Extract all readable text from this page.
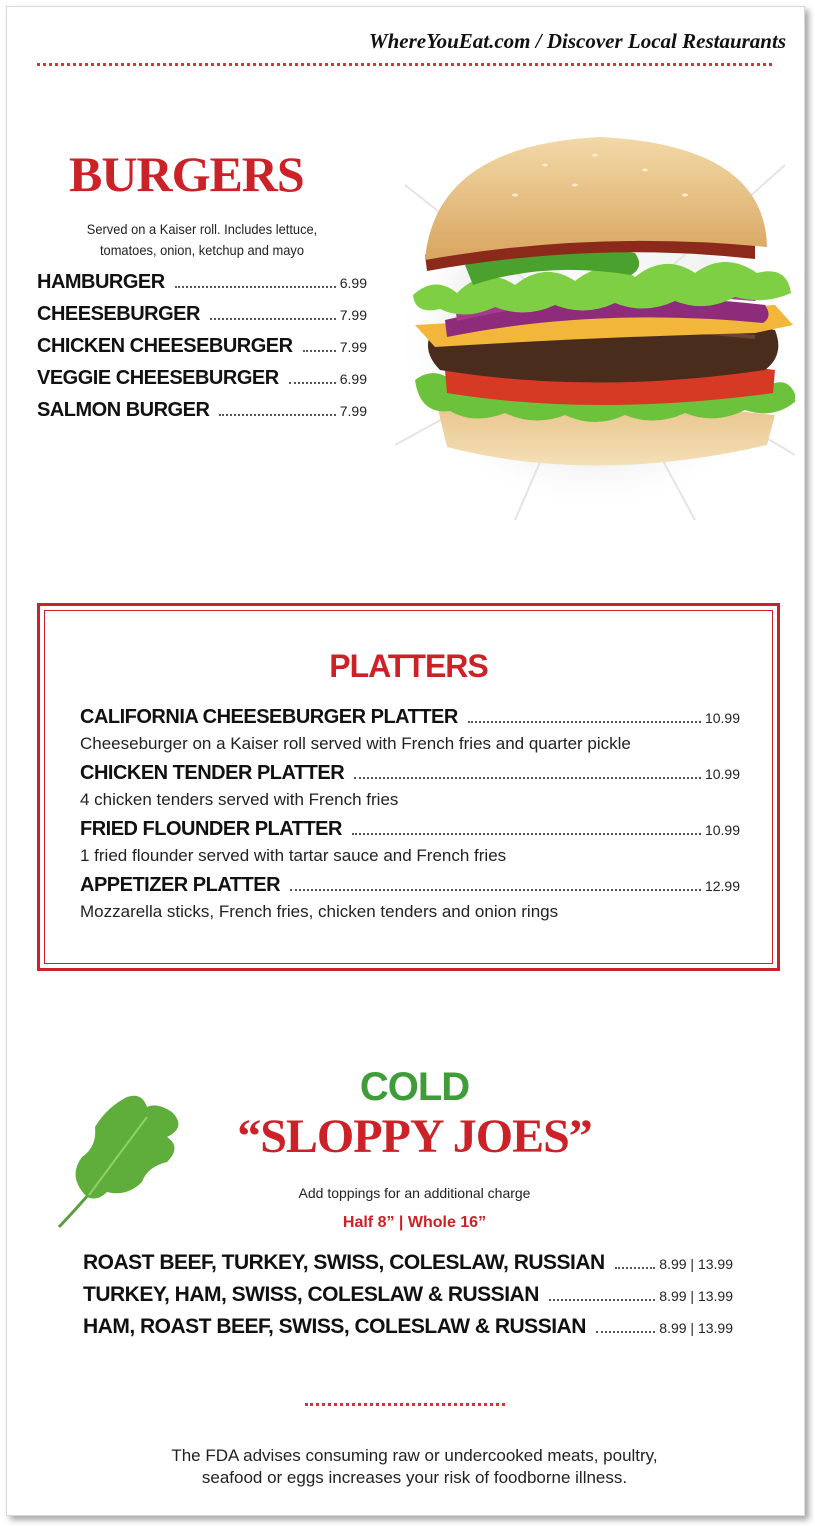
WhereYouEat.com / Discover Local Restaurants
BURGERS
Served on a Kaiser roll. Includes lettuce,
tomatoes, onion, ketchup and mayo
HAMBURGER	6.99
CHEESEBURGER	7.99
CHICKEN CHEESEBURGER	7.99
VEGGIE CHEESEBURGER	6.99
SALMON BURGER	7.99
PLATTERS
CALIFORNIA CHEESEBURGER PLATTER	10.99
Cheeseburger on a Kaiser roll served with French fries and quarter pickle
CHICKEN TENDER PLATTER	10.99
4 chicken tenders served with French fries
FRIED FLOUNDER PLATTER	10.99
1 fried flounder served with tartar sauce and French fries
APPETIZER PLATTER	12.99
Mozzarella sticks, French fries, chicken tenders and onion rings
COLD
“SLOPPY JOES”
Add toppings for an additional charge
Half 8” | Whole 16”
ROAST BEEF, TURKEY, SWISS, COLESLAW, RUSSIAN	8.99 | 13.99
TURKEY, HAM, SWISS, COLESLAW & RUSSIAN	8.99 | 13.99
HAM, ROAST BEEF, SWISS, COLESLAW & RUSSIAN	8.99 | 13.99
The FDA advises consuming raw or undercooked meats, poultry,
seafood or eggs increases your risk of foodborne illness.
